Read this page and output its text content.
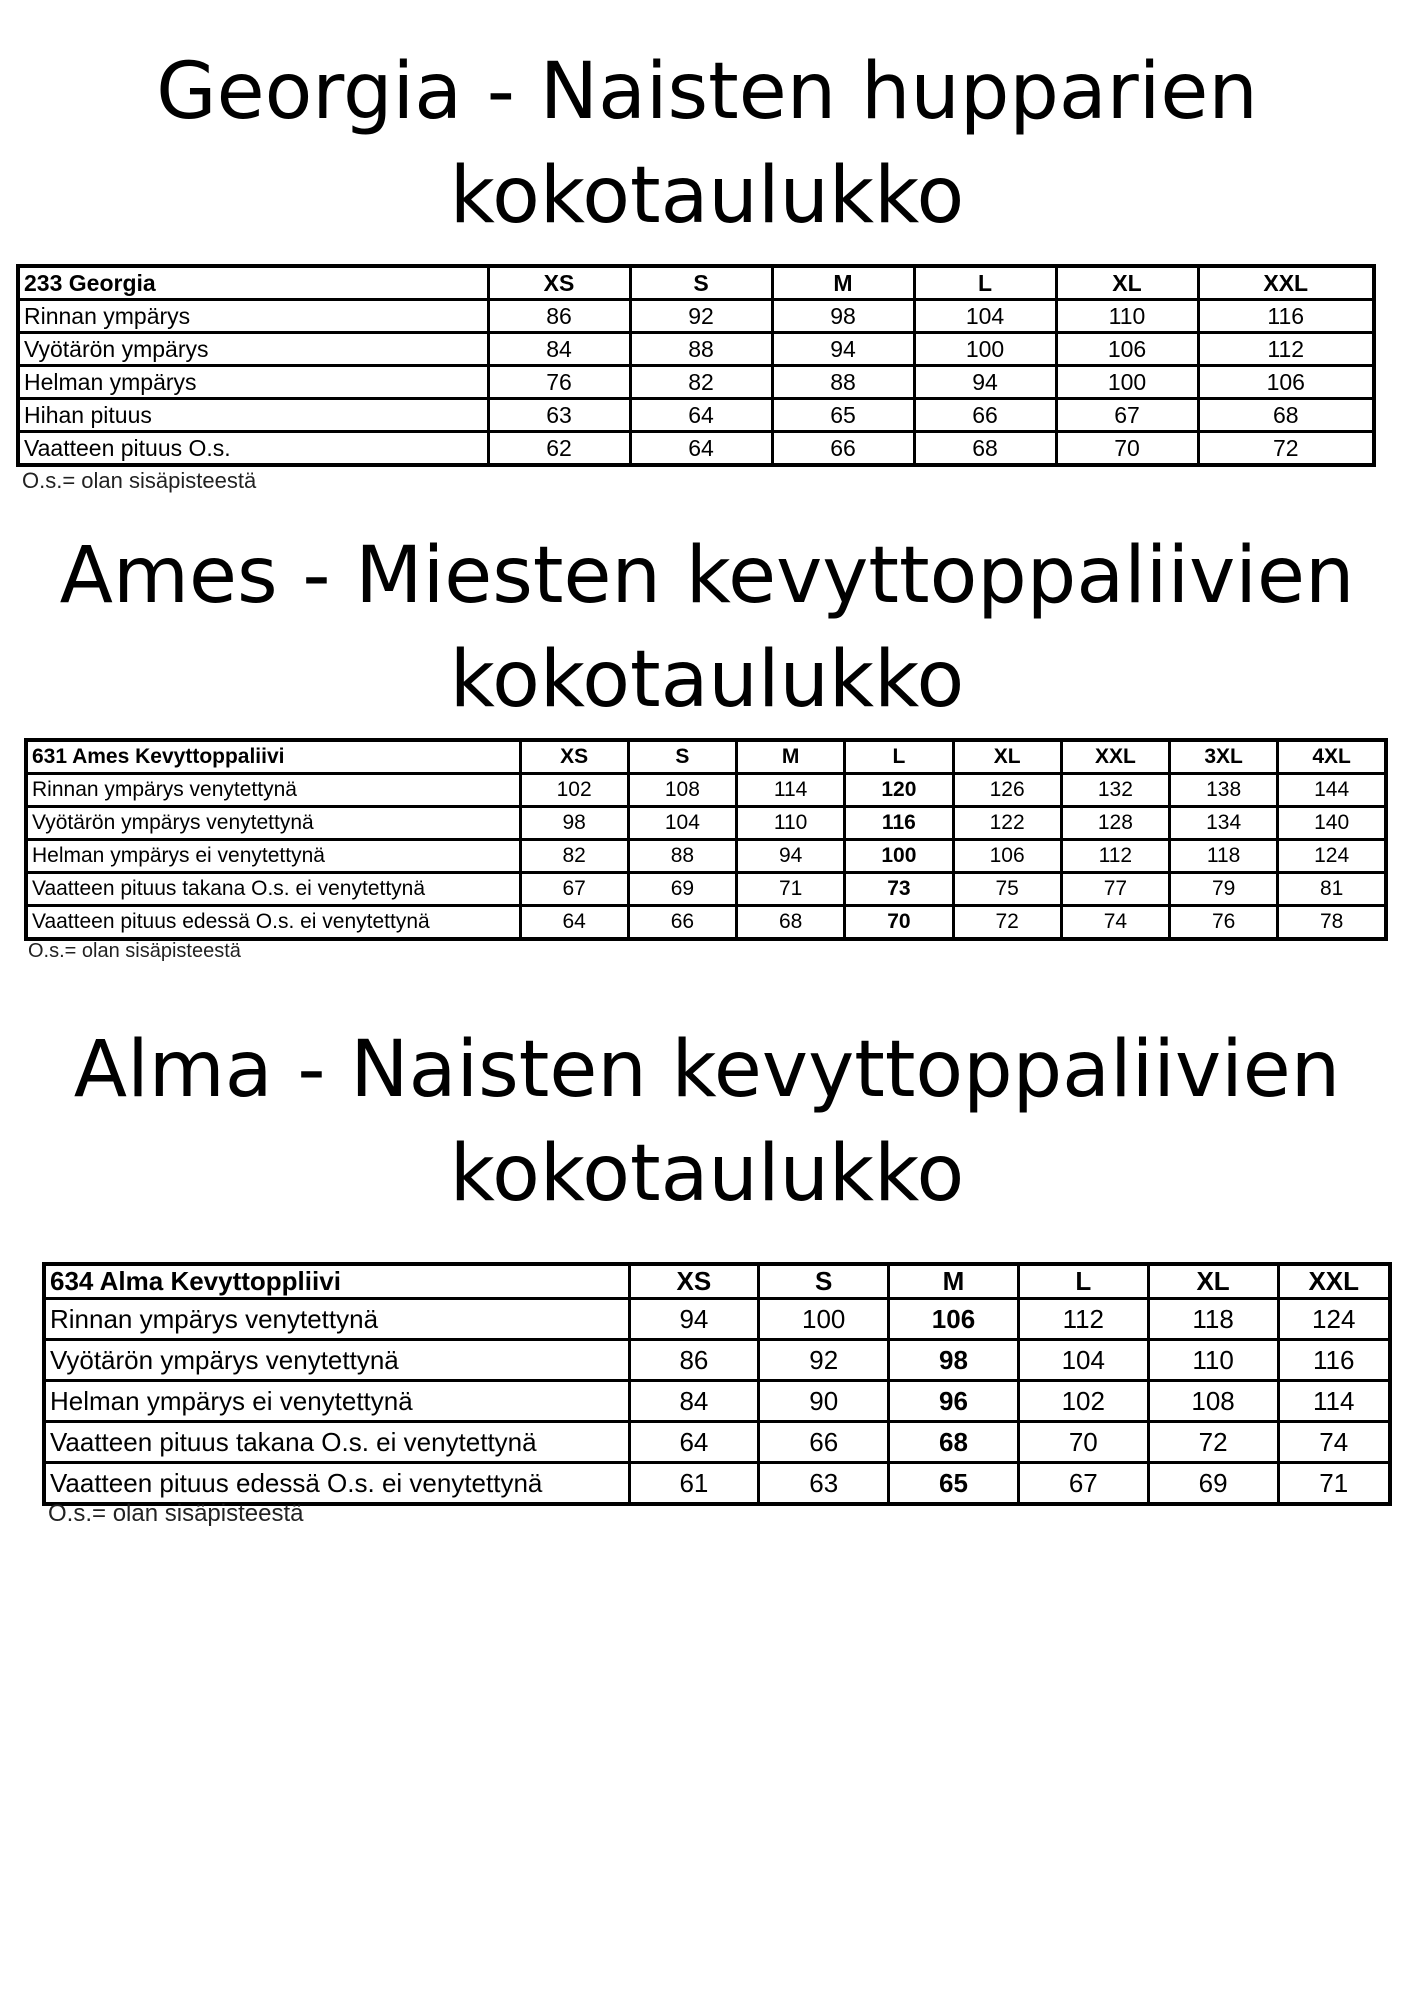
Georgia - Naisten hupparien
kokotaulukko
233 Georgia	XS	S	M	L	XL	XXL
Rinnan ympärys	86	92	98	104	110	116
Vyötärön ympärys	84	88	94	100	106	112
Helman ympärys	76	82	88	94	100	106
Hihan pituus	63	64	65	66	67	68
Vaatteen pituus O.s.	62	64	66	68	70	72
O.s.= olan sisäpisteestä
Ames - Miesten kevyttoppaliivien
kokotaulukko
631 Ames Kevyttoppaliivi	XS	S	M	L	XL	XXL	3XL	4XL
Rinnan ympärys venytettynä	102	108	114	120	126	132	138	144
Vyötärön ympärys venytettynä	98	104	110	116	122	128	134	140
Helman ympärys ei venytettynä	82	88	94	100	106	112	118	124
Vaatteen pituus takana O.s. ei venytettynä	67	69	71	73	75	77	79	81
Vaatteen pituus edessä O.s. ei venytettynä	64	66	68	70	72	74	76	78
O.s.= olan sisäpisteestä
Alma - Naisten kevyttoppaliivien
kokotaulukko
634 Alma Kevyttoppliivi	XS	S	M	L	XL	XXL
Rinnan ympärys venytettynä	94	100	106	112	118	124
Vyötärön ympärys venytettynä	86	92	98	104	110	116
Helman ympärys ei venytettynä	84	90	96	102	108	114
Vaatteen pituus takana O.s. ei venytettynä	64	66	68	70	72	74
Vaatteen pituus edessä O.s. ei venytettynä	61	63	65	67	69	71
O.s.= olan sisäpisteestä
